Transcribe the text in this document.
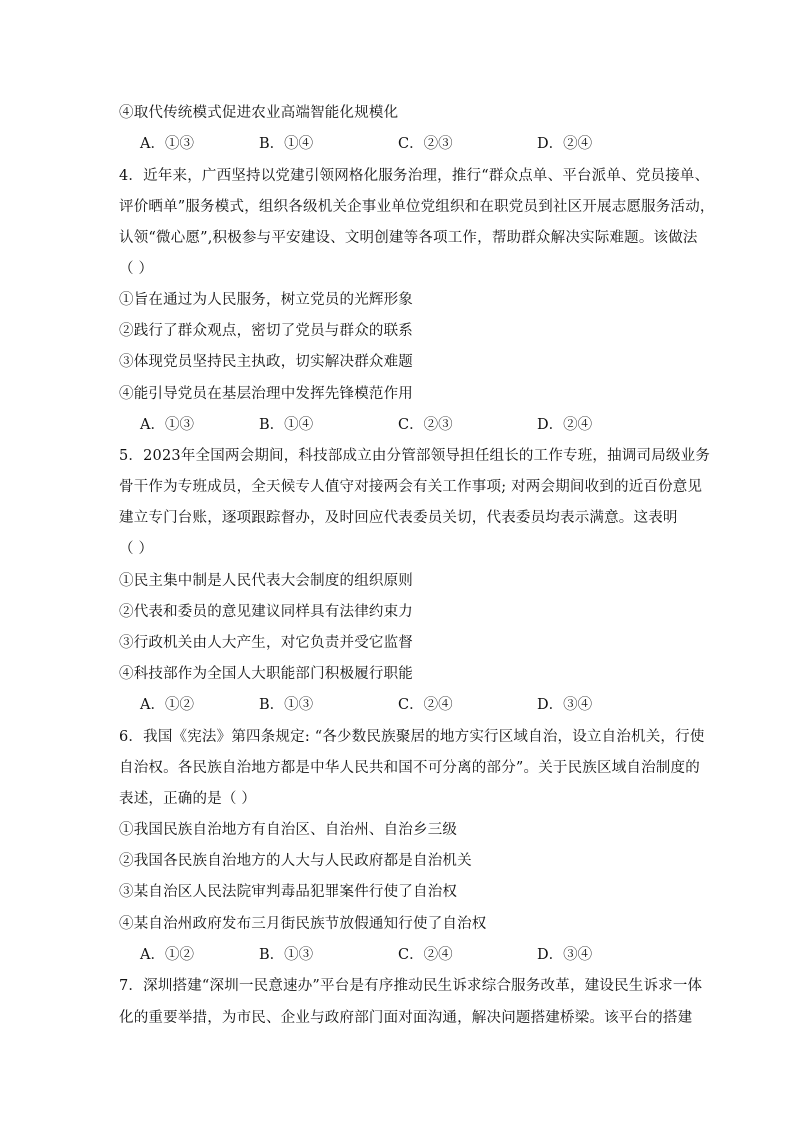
④取代传统模式促进农业高端智能化规模化
A．①③	B．①④	C．②③	D．②④
4．近年来，广西坚持以党建引领网格化服务治理，推行“群众点单、平台派单、党员接单、
评价晒单”服务模式，组织各级机关企事业单位党组织和在职党员到社区开展志愿服务活动，
认领“微心愿”,积极参与平安建设、文明创建等各项工作，帮助群众解决实际难题。该做法
（ ）
①旨在通过为人民服务，树立党员的光辉形象
②践行了群众观点，密切了党员与群众的联系
③体现党员坚持民主执政，切实解决群众难题
④能引导党员在基层治理中发挥先锋模范作用
A．①③	B．①④	C．②③	D．②④
5．2023年全国两会期间，科技部成立由分管部领导担任组长的工作专班，抽调司局级业务
骨干作为专班成员，全天候专人值守对接两会有关工作事项; 对两会期间收到的近百份意见
建立专门台账，逐项跟踪督办，及时回应代表委员关切，代表委员均表示满意。这表明
（ ）
①民主集中制是人民代表大会制度的组织原则
②代表和委员的意见建议同样具有法律约束力
③行政机关由人大产生，对它负责并受它监督
④科技部作为全国人大职能部门积极履行职能
A．①②	B．①③	C．②④	D．③④
6．我国《宪法》第四条规定: “各少数民族聚居的地方实行区域自治，设立自治机关，行使
自治权。各民族自治地方都是中华人民共和国不可分离的部分”。关于民族区域自治制度的
表述，正确的是（ ）
①我国民族自治地方有自治区、自治州、自治乡三级
②我国各民族自治地方的人大与人民政府都是自治机关
③某自治区人民法院审判毒品犯罪案件行使了自治权
④某自治州政府发布三月街民族节放假通知行使了自治权
A．①②	B．①③	C．②④	D．③④
7．深圳搭建“深圳一民意速办”平台是有序推动民生诉求综合服务改革，建设民生诉求一体
化的重要举措，为市民、企业与政府部门面对面沟通，解决问题搭建桥梁。该平台的搭建
